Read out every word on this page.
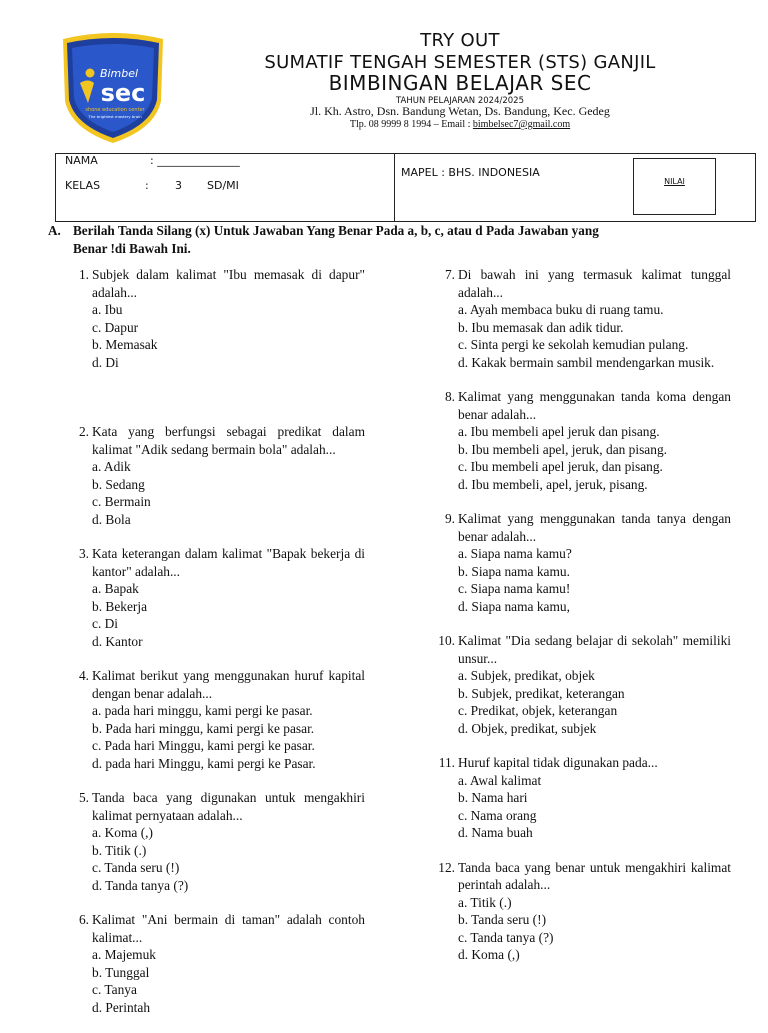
Bimbel
sec
shone education center
The brightest mastery brain
TRY OUT
SUMATIF TENGAH SEMESTER (STS) GANJIL
BIMBINGAN BELAJAR SEC
TAHUN PELAJARAN 2024/2025
Jl. Kh. Astro, Dsn. Bandung Wetan, Ds. Bandung, Kec. Gedeg
Tlp. 08 9999 8 1994 – Email : bimbelsec7@gmail.com
NAMA	: _______________
KELAS	: 3 SD/MI
MAPEL : BHS. INDONESIA
NILAI
A. Berilah Tanda Silang (x) Untuk Jawaban Yang Benar Pada a, b, c, atau d Pada Jawaban yang
Benar !di Bawah Ini.
1. Subjek dalam kalimat "Ibu memasak di dapur" adalah...
a. Ibu
c. Dapur
b. Memasak
d. Di
2. Kata yang berfungsi sebagai predikat dalam kalimat "Adik sedang bermain bola" adalah...
a. Adik
b. Sedang
c. Bermain
d. Bola
3. Kata keterangan dalam kalimat "Bapak bekerja di kantor" adalah...
a. Bapak
b. Bekerja
c. Di
d. Kantor
4. Kalimat berikut yang menggunakan huruf kapital dengan benar adalah...
a. pada hari minggu, kami pergi ke pasar.
b. Pada hari minggu, kami pergi ke pasar.
c. Pada hari Minggu, kami pergi ke pasar.
d. pada hari Minggu, kami pergi ke Pasar.
5. Tanda baca yang digunakan untuk mengakhiri kalimat pernyataan adalah...
a. Koma (,)
b. Titik (.)
c. Tanda seru (!)
d. Tanda tanya (?)
6. Kalimat "Ani bermain di taman" adalah contoh kalimat...
a. Majemuk
b. Tunggal
c. Tanya
d. Perintah
7. Di bawah ini yang termasuk kalimat tunggal adalah...
a. Ayah membaca buku di ruang tamu.
b. Ibu memasak dan adik tidur.
c. Sinta pergi ke sekolah kemudian pulang.
d. Kakak bermain sambil mendengarkan musik.
8. Kalimat yang menggunakan tanda koma dengan benar adalah...
a. Ibu membeli apel jeruk dan pisang.
b. Ibu membeli apel, jeruk, dan pisang.
c. Ibu membeli apel jeruk, dan pisang.
d. Ibu membeli, apel, jeruk, pisang.
9. Kalimat yang menggunakan tanda tanya dengan benar adalah...
a. Siapa nama kamu?
b. Siapa nama kamu.
c. Siapa nama kamu!
d. Siapa nama kamu,
10. Kalimat "Dia sedang belajar di sekolah" memiliki unsur...
a. Subjek, predikat, objek
b. Subjek, predikat, keterangan
c. Predikat, objek, keterangan
d. Objek, predikat, subjek
11. Huruf kapital tidak digunakan pada...
a. Awal kalimat
b. Nama hari
c. Nama orang
d. Nama buah
12. Tanda baca yang benar untuk mengakhiri kalimat perintah adalah...
a. Titik (.)
b. Tanda seru (!)
c. Tanda tanya (?)
d. Koma (,)
